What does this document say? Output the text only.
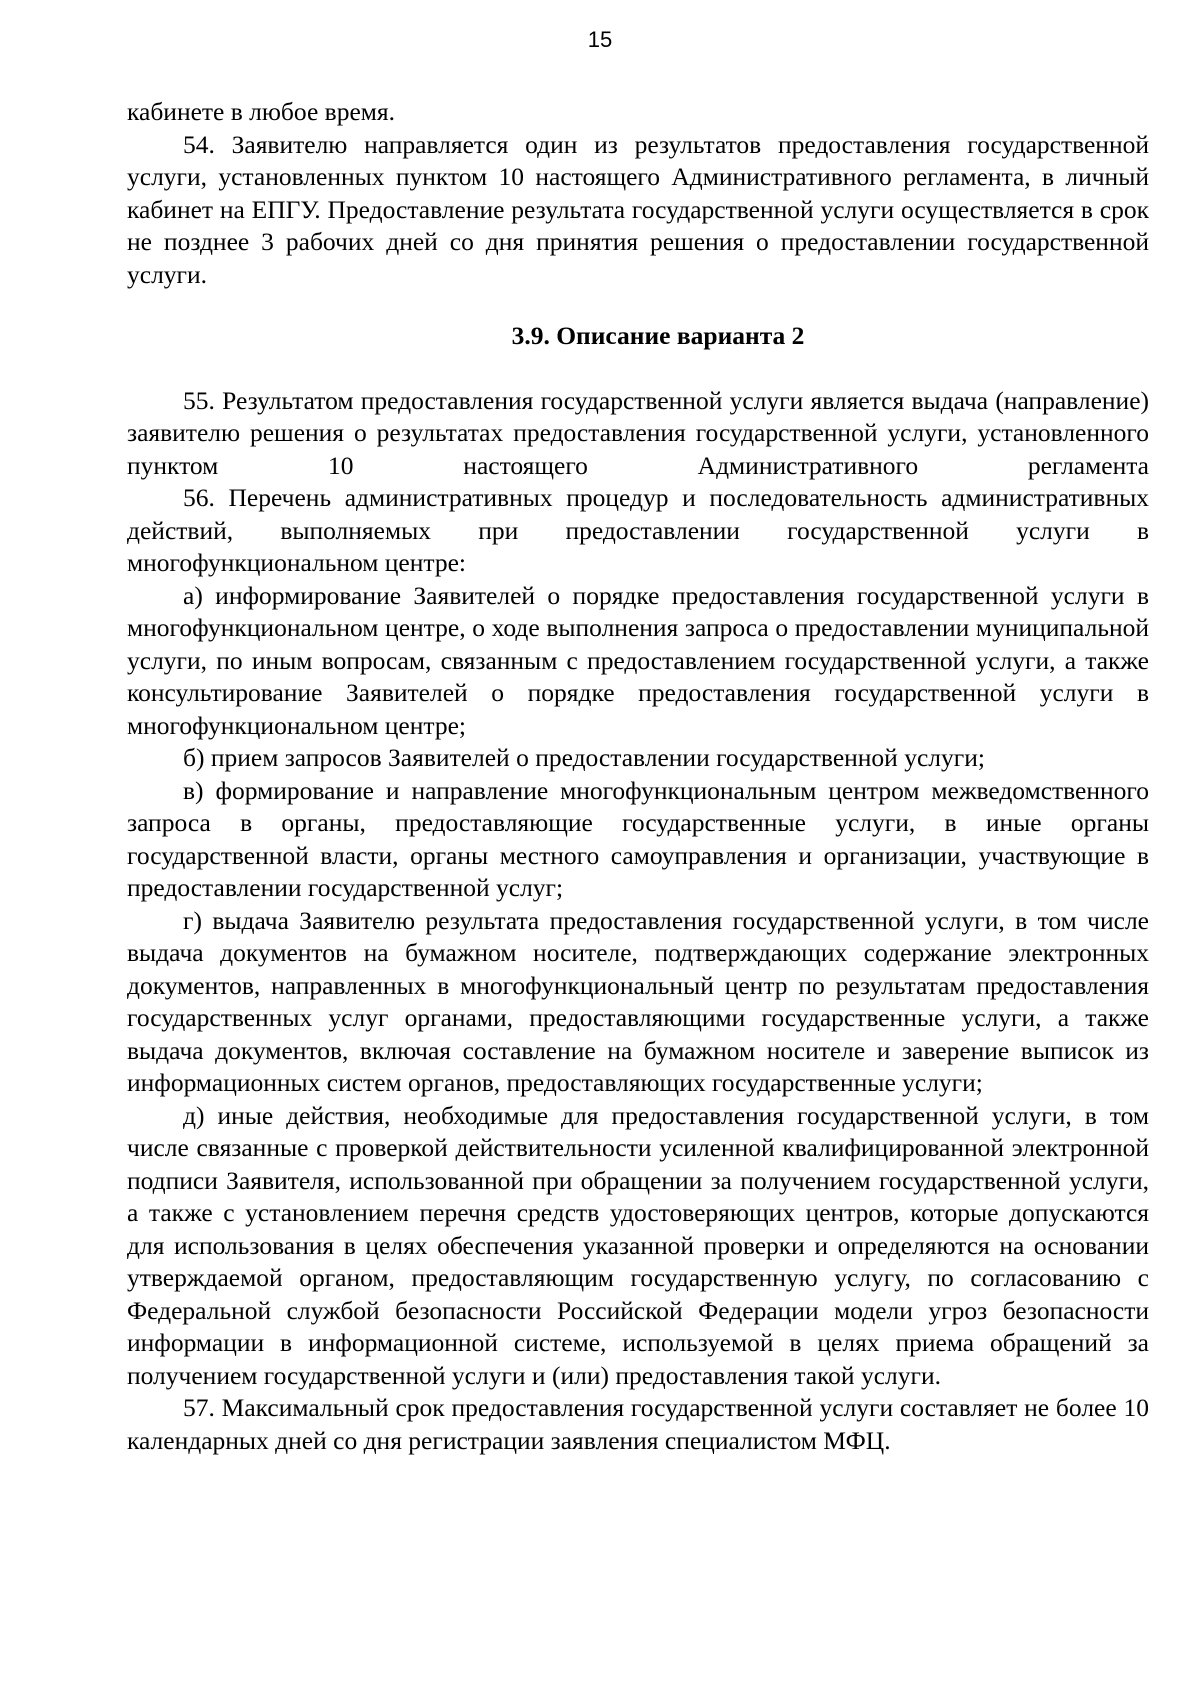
15

кабинете в любое время.

54. Заявителю направляется один из результатов предоставления государственной услуги, установленных пунктом 10 настоящего Административного регламента, в личный кабинет на ЕПГУ. Предоставление результата государственной услуги осуществляется в срок не позднее 3 рабочих дней со дня принятия решения о предоставлении государственной услуги.

3.9. Описание варианта 2

55. Результатом предоставления государственной услуги является выдача (направление) заявителю решения о результатах предоставления государственной услуги, установленного пунктом 10 настоящего Административного регламента

56. Перечень административных процедур и последовательность административных действий, выполняемых при предоставлении государственной услуги в многофункциональном центре:

а) информирование Заявителей о порядке предоставления государственной услуги в многофункциональном центре, о ходе выполнения запроса о предоставлении муниципальной услуги, по иным вопросам, связанным с предоставлением государственной услуги, а также консультирование Заявителей о порядке предоставления государственной услуги в многофункциональном центре;

б) прием запросов Заявителей о предоставлении государственной услуги;

в) формирование и направление многофункциональным центром межведомственного запроса в органы, предоставляющие государственные услуги, в иные органы государственной власти, органы местного самоуправления и организации, участвующие в предоставлении государственной услуг;

г) выдача Заявителю результата предоставления государственной услуги, в том числе выдача документов на бумажном носителе, подтверждающих содержание электронных документов, направленных в многофункциональный центр по результатам предоставления государственных услуг органами, предоставляющими государственные услуги, а также выдача документов, включая составление на бумажном носителе и заверение выписок из информационных систем органов, предоставляющих государственные услуги;

д) иные действия, необходимые для предоставления государственной услуги, в том числе связанные с проверкой действительности усиленной квалифицированной электронной подписи Заявителя, использованной при обращении за получением государственной услуги, а также с установлением перечня средств удостоверяющих центров, которые допускаются для использования в целях обеспечения указанной проверки и определяются на основании утверждаемой органом, предоставляющим государственную услугу, по согласованию с Федеральной службой безопасности Российской Федерации модели угроз безопасности информации в информационной системе, используемой в целях приема обращений за получением государственной услуги и (или) предоставления такой услуги.

57. Максимальный срок предоставления государственной услуги составляет не более 10 календарных дней со дня регистрации заявления специалистом МФЦ.
